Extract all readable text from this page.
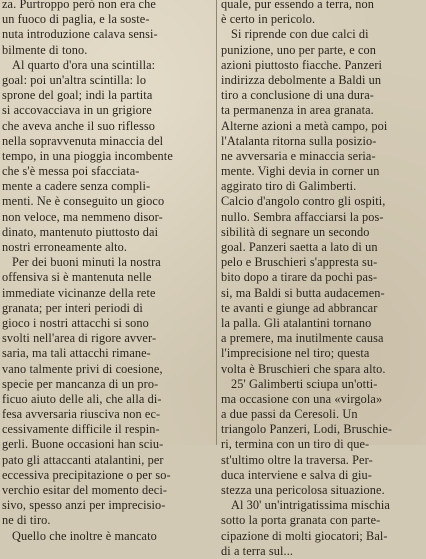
za. Purtroppo però non era che
un fuoco di paglia, e la soste-
nuta introduzione calava sensi-
bilmente di tono.
Al quarto d'ora una scintilla:
goal: poi un'altra scintilla: lo
sprone del goal; indi la partita
si accovacciava in un grigiore
che aveva anche il suo riflesso
nella sopravvenuta minaccia del
tempo, in una pioggia incombente
che s'è messa poi sfacciata-
mente a cadere senza compli-
menti. Ne è conseguito un gioco
non veloce, ma nemmeno disor-
dinato, mantenuto piuttosto dai
nostri erroneamente alto.
Per dei buoni minuti la nostra
offensiva si è mantenuta nelle
immediate vicinanze della rete
granata; per interi periodi di
gioco i nostri attacchi si sono
svolti nell'area di rigore avver-
saria, ma tali attacchi rimane-
vano talmente privi di coesione,
specie per mancanza di un pro-
ficuo aiuto delle ali, che alla di-
fesa avversaria riusciva non ec-
cessivamente difficile il respin-
gerli. Buone occasioni han sciu-
pato gli attaccanti atalantini, per
eccessiva precipitazione o per so-
verchio esitar del momento deci-
sivo, spesso anzi per imprecisio-
ne di tiro.
Quello che inoltre è mancato
quale, pur essendo a terra, non
è certo in pericolo.
Si riprende con due calci di
punizione, uno per parte, e con
azioni piuttosto fiacche. Panzeri
indirizza debolmente a Baldi un
tiro a conclusione di una dura-
ta permanenza in area granata.
Alterne azioni a metà campo, poi
l'Atalanta ritorna sulla posizio-
ne avversaria e minaccia seria-
mente. Vighi devia in corner un
aggirato tiro di Galimberti.
Calcio d'angolo contro gli ospiti,
nullo. Sembra affacciarsi la pos-
sibilità di segnare un secondo
goal. Panzeri saetta a lato di un
pelo e Bruschieri s'appresta su-
bito dopo a tirare da pochi pas-
si, ma Baldi si butta audacemen-
te avanti e giunge ad abbrancar
la palla. Gli atalantini tornano
a premere, ma inutilmente causa
l'imprecisione nel tiro; questa
volta è Bruschieri che spara alto.
25' Galimberti sciupa un'otti-
ma occasione con una «virgola»
a due passi da Ceresoli. Un
triangolo Panzeri, Lodi, Bruschie-
ri, termina con un tiro di que-
st'ultimo oltre la traversa. Per-
duca interviene e salva di giu-
stezza una pericolosa situazione.
Al 30' un'intrigatissima mischia
sotto la porta granata con parte-
cipazione di molti giocatori; Bal-
di a terra sul...
